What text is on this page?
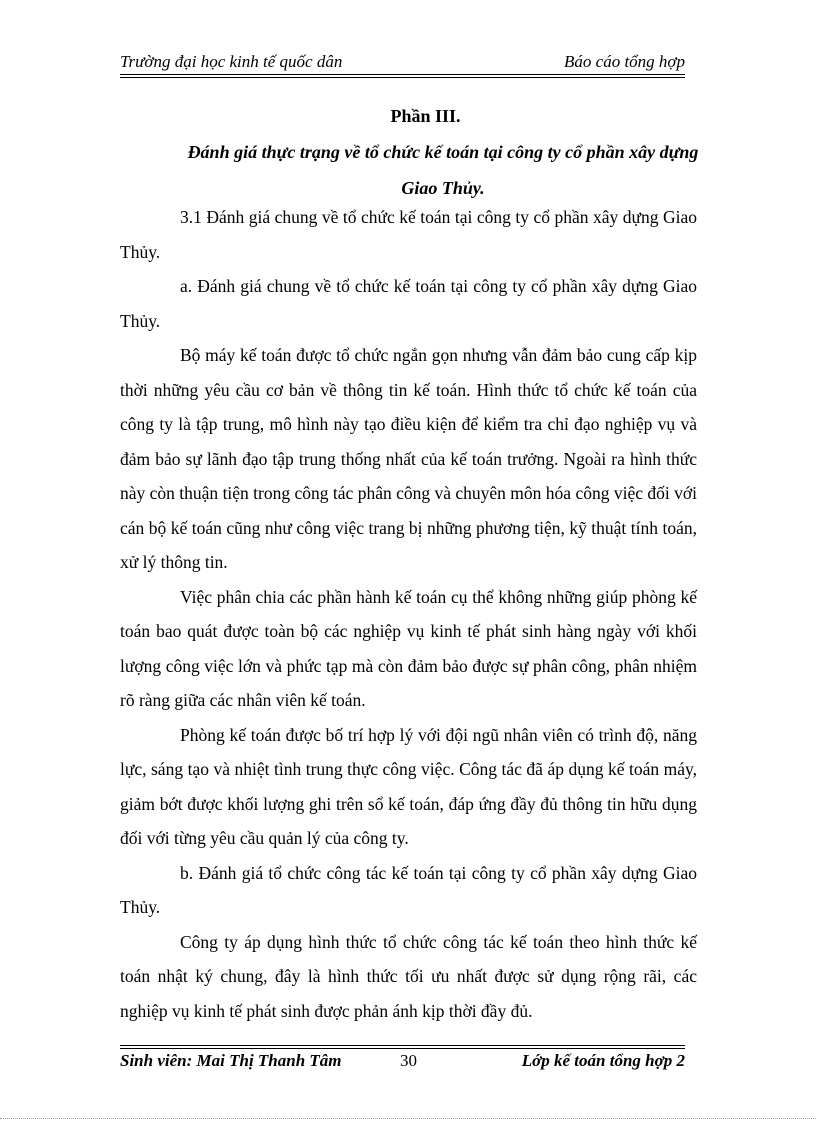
Trường đại học kinh tế quốc dân	Báo cáo tổng hợp
Phần III.
Đánh giá thực trạng về tổ chức kế toán tại công ty cổ phần xây dựng Giao Thủy.

3.1 Đánh giá chung về tổ chức kế toán tại công ty cổ phần xây dựng Giao Thủy.

a. Đánh giá chung về tổ chức kế toán tại công ty cổ phần xây dựng Giao Thủy.

Bộ máy kế toán được tổ chức ngắn gọn nhưng vẫn đảm bảo cung cấp kịp thời những yêu cầu cơ bản về thông tin kế toán. Hình thức tổ chức kế toán của công ty là tập trung, mô hình này tạo điều kiện để kiểm tra chỉ đạo nghiệp vụ và đảm bảo sự lãnh đạo tập trung thống nhất của kế toán trưởng. Ngoài ra hình thức này còn thuận tiện trong công tác phân công và chuyên môn hóa công việc đối với cán bộ kế toán cũng như công việc trang bị những phương tiện, kỹ thuật tính toán, xử lý thông tin.

Việc phân chia các phần hành kế toán cụ thể không những giúp phòng kế toán bao quát được toàn bộ các nghiệp vụ kinh tế phát sinh hàng ngày với khối lượng công việc lớn và phức tạp mà còn đảm bảo được sự phân công, phân nhiệm rõ ràng giữa các nhân viên kế toán.

Phòng kế toán được bố trí hợp lý với đội ngũ nhân viên có trình độ, năng lực, sáng tạo và nhiệt tình trung thực công việc. Công tác đã áp dụng kế toán máy, giảm bớt được khối lượng ghi trên sổ kế toán, đáp ứng đầy đủ thông tin hữu dụng đối với từng yêu cầu quản lý của công ty.

b. Đánh giá tổ chức công tác kế toán tại công ty cổ phần xây dựng Giao Thủy.

Công ty áp dụng hình thức tổ chức công tác kế toán theo hình thức kế toán nhật ký chung, đây là hình thức tối ưu nhất được sử dụng rộng rãi, các nghiệp vụ kinh tế phát sinh được phản ánh kịp thời đầy đủ.

Sinh viên: Mai Thị Thanh Tâm	30	Lớp kế toán tổng hợp 2
